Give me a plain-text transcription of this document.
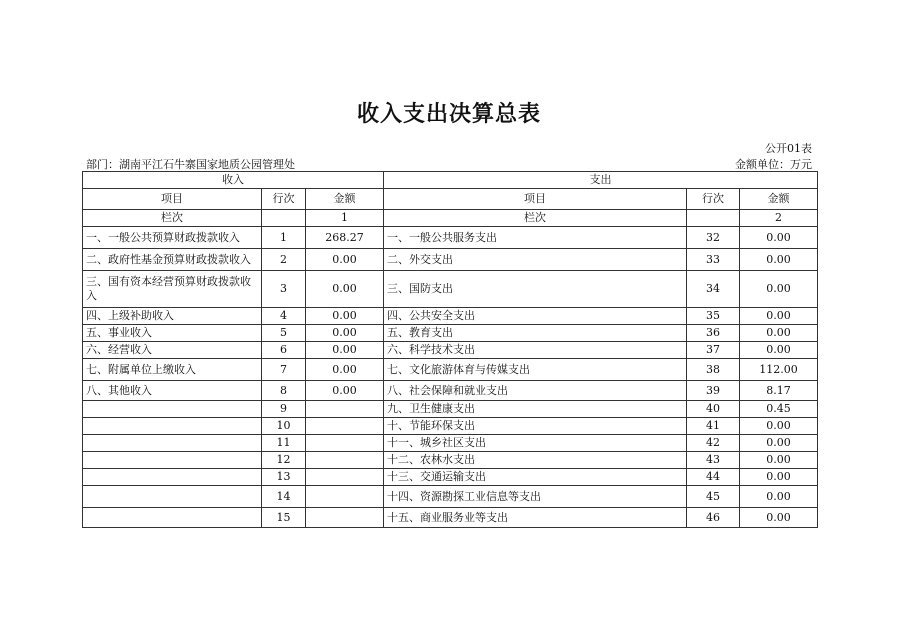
收入支出决算总表
公开01表
部门：湖南平江石牛寨国家地质公园管理处	金额单位：万元
收入			支出		
项目	行次	金额	项目	行次	金额
栏次		1	栏次		2
一、一般公共预算财政拨款收入	1	268.27	一、一般公共服务支出	32	0.00
二、政府性基金预算财政拨款收入	2	0.00	二、外交支出	33	0.00
三、国有资本经营预算财政拨款收入	3	0.00	三、国防支出	34	0.00
四、上级补助收入	4	0.00	四、公共安全支出	35	0.00
五、事业收入	5	0.00	五、教育支出	36	0.00
六、经营收入	6	0.00	六、科学技术支出	37	0.00
七、附属单位上缴收入	7	0.00	七、文化旅游体育与传媒支出	38	112.00
八、其他收入	8	0.00	八、社会保障和就业支出	39	8.17
	9		九、卫生健康支出	40	0.45
	10		十、节能环保支出	41	0.00
	11		十一、城乡社区支出	42	0.00
	12		十二、农林水支出	43	0.00
	13		十三、交通运输支出	44	0.00
	14		十四、资源勘探工业信息等支出	45	0.00
	15		十五、商业服务业等支出	46	0.00
